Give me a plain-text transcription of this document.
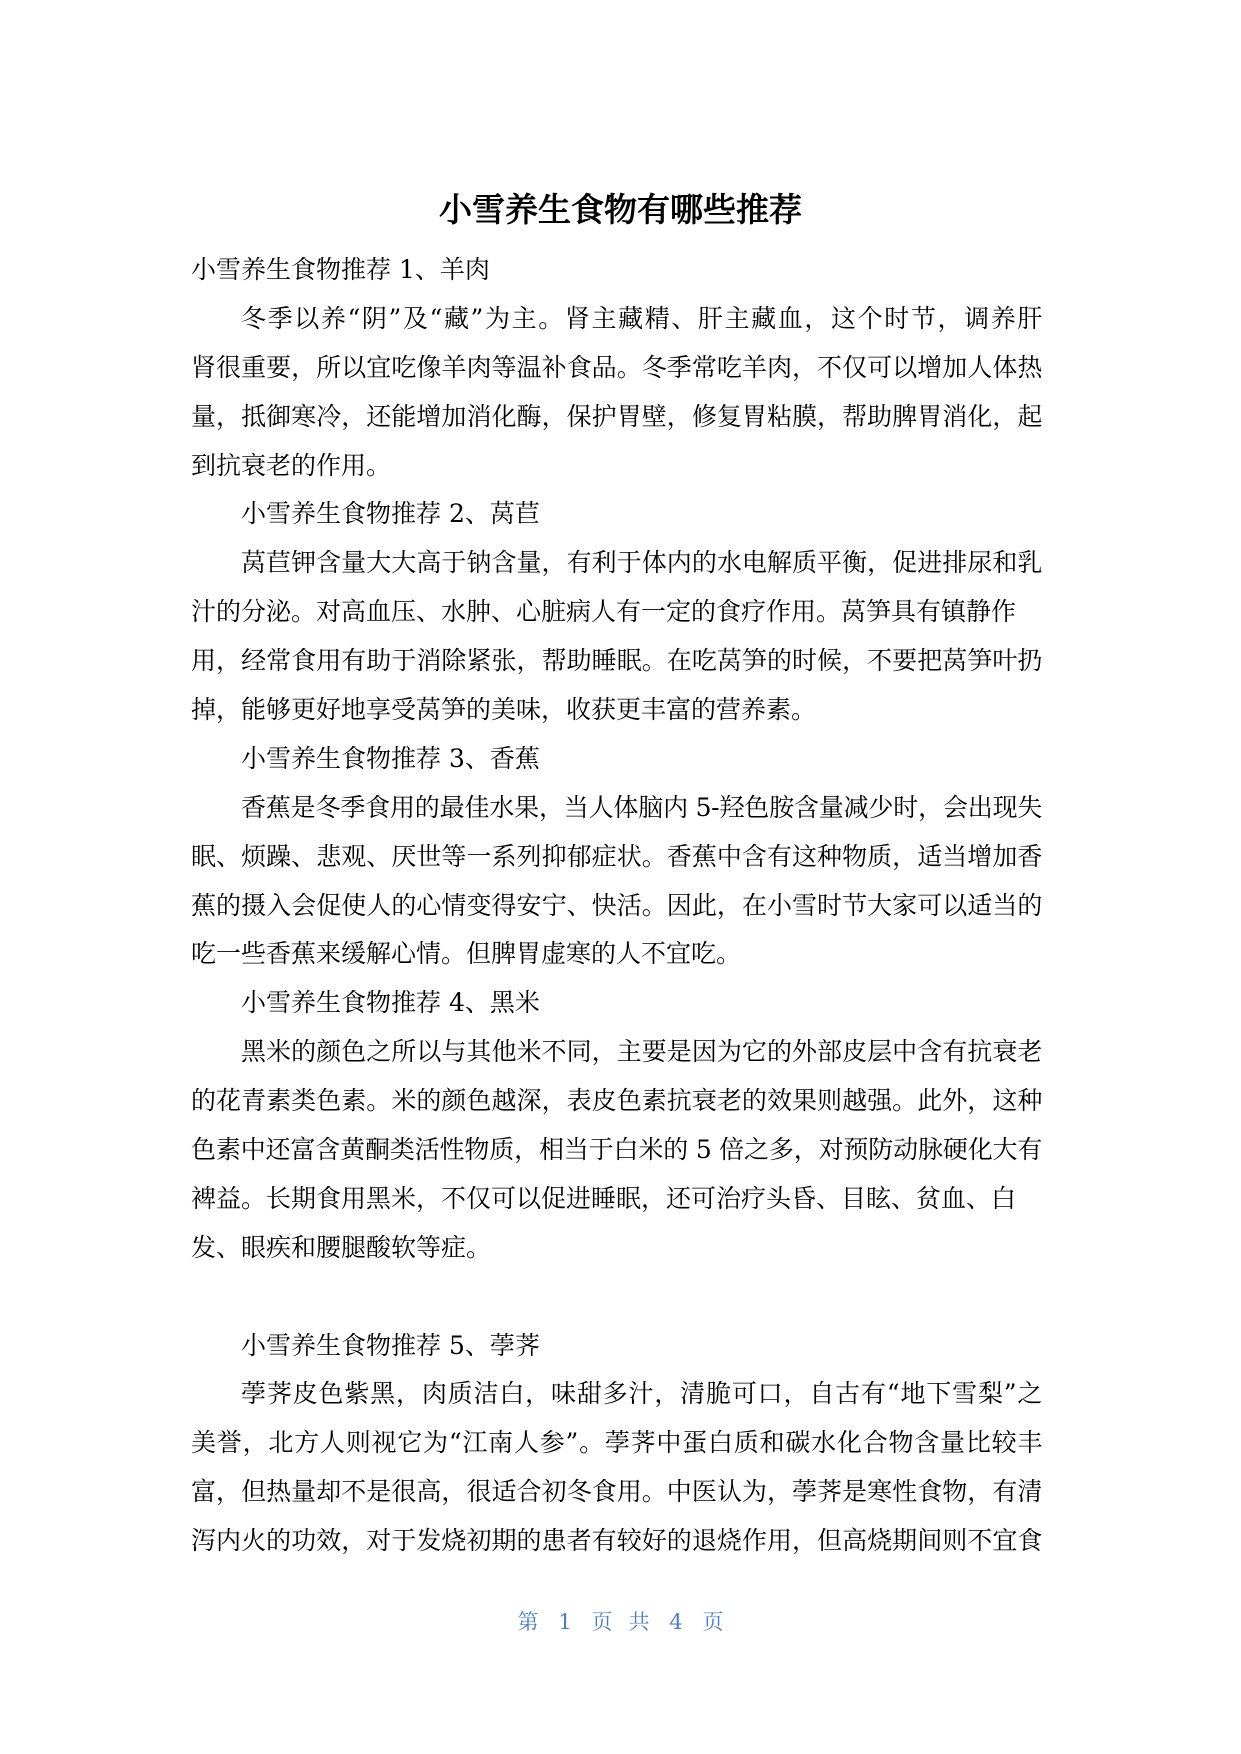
小雪养生食物有哪些推荐
小雪养生食物推荐 1、羊肉
冬季以养“阴”及“藏”为主。肾主藏精、肝主藏血，这个时节，调养肝
肾很重要，所以宜吃像羊肉等温补食品。冬季常吃羊肉，不仅可以增加人体热
量，抵御寒冷，还能增加消化酶，保护胃壁，修复胃粘膜，帮助脾胃消化，起
到抗衰老的作用。
小雪养生食物推荐 2、莴苣
莴苣钾含量大大高于钠含量，有利于体内的水电解质平衡，促进排尿和乳
汁的分泌。对高血压、水肿、心脏病人有一定的食疗作用。莴笋具有镇静作
用，经常食用有助于消除紧张，帮助睡眠。在吃莴笋的时候，不要把莴笋叶扔
掉，能够更好地享受莴笋的美味，收获更丰富的营养素。
小雪养生食物推荐 3、香蕉
香蕉是冬季食用的最佳水果，当人体脑内 5-羟色胺含量减少时，会出现失
眠、烦躁、悲观、厌世等一系列抑郁症状。香蕉中含有这种物质，适当增加香
蕉的摄入会促使人的心情变得安宁、快活。因此，在小雪时节大家可以适当的
吃一些香蕉来缓解心情。但脾胃虚寒的人不宜吃。
小雪养生食物推荐 4、黑米
黑米的颜色之所以与其他米不同，主要是因为它的外部皮层中含有抗衰老
的花青素类色素。米的颜色越深，表皮色素抗衰老的效果则越强。此外，这种
色素中还富含黄酮类活性物质，相当于白米的 5 倍之多，对预防动脉硬化大有
裨益。长期食用黑米，不仅可以促进睡眠，还可治疗头昏、目眩、贫血、白
发、眼疾和腰腿酸软等症。
小雪养生食物推荐 5、荸荠
荸荠皮色紫黑，肉质洁白，味甜多汁，清脆可口，自古有“地下雪梨”之
美誉，北方人则视它为“江南人参”。荸荠中蛋白质和碳水化合物含量比较丰
富，但热量却不是很高，很适合初冬食用。中医认为，荸荠是寒性食物，有清
泻内火的功效，对于发烧初期的患者有较好的退烧作用，但高烧期间则不宜食
第 1 页 共 4 页
